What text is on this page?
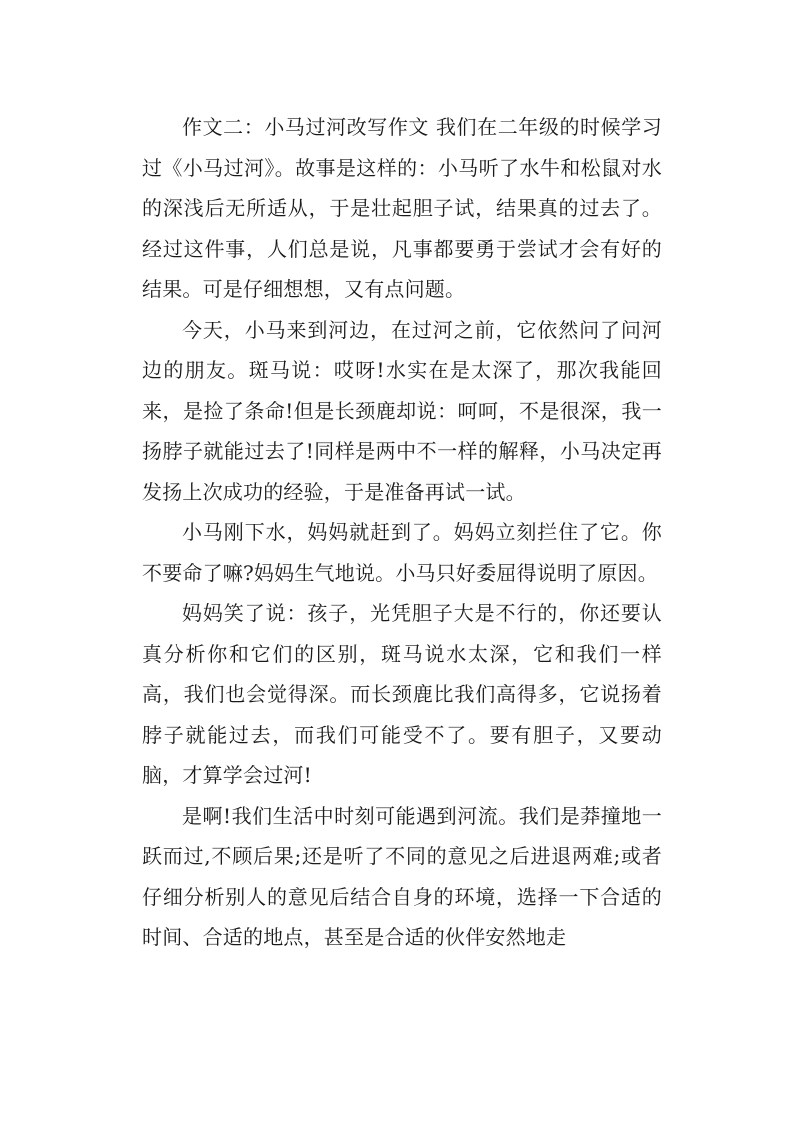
作文二：小马过河改写作文 我们在二年级的时候学习过《小马过河》。故事是这样的：小马听了水牛和松鼠对水的深浅后无所适从，于是壮起胆子试，结果真的过去了。经过这件事，人们总是说，凡事都要勇于尝试才会有好的结果。可是仔细想想，又有点问题。

今天，小马来到河边，在过河之前，它依然问了问河边的朋友。斑马说：哎呀!水实在是太深了，那次我能回来，是捡了条命!但是长颈鹿却说：呵呵，不是很深，我一扬脖子就能过去了!同样是两中不一样的解释，小马决定再发扬上次成功的经验，于是准备再试一试。

小马刚下水，妈妈就赶到了。妈妈立刻拦住了它。你不要命了嘛?妈妈生气地说。小马只好委屈得说明了原因。

妈妈笑了说：孩子，光凭胆子大是不行的，你还要认真分析你和它们的区别，斑马说水太深，它和我们一样高，我们也会觉得深。而长颈鹿比我们高得多，它说扬着脖子就能过去，而我们可能受不了。要有胆子，又要动脑，才算学会过河!

是啊!我们生活中时刻可能遇到河流。我们是莽撞地一跃而过,不顾后果;还是听了不同的意见之后进退两难;或者仔细分析别人的意见后结合自身的环境，选择一下合适的时间、合适的地点，甚至是合适的伙伴安然地走
